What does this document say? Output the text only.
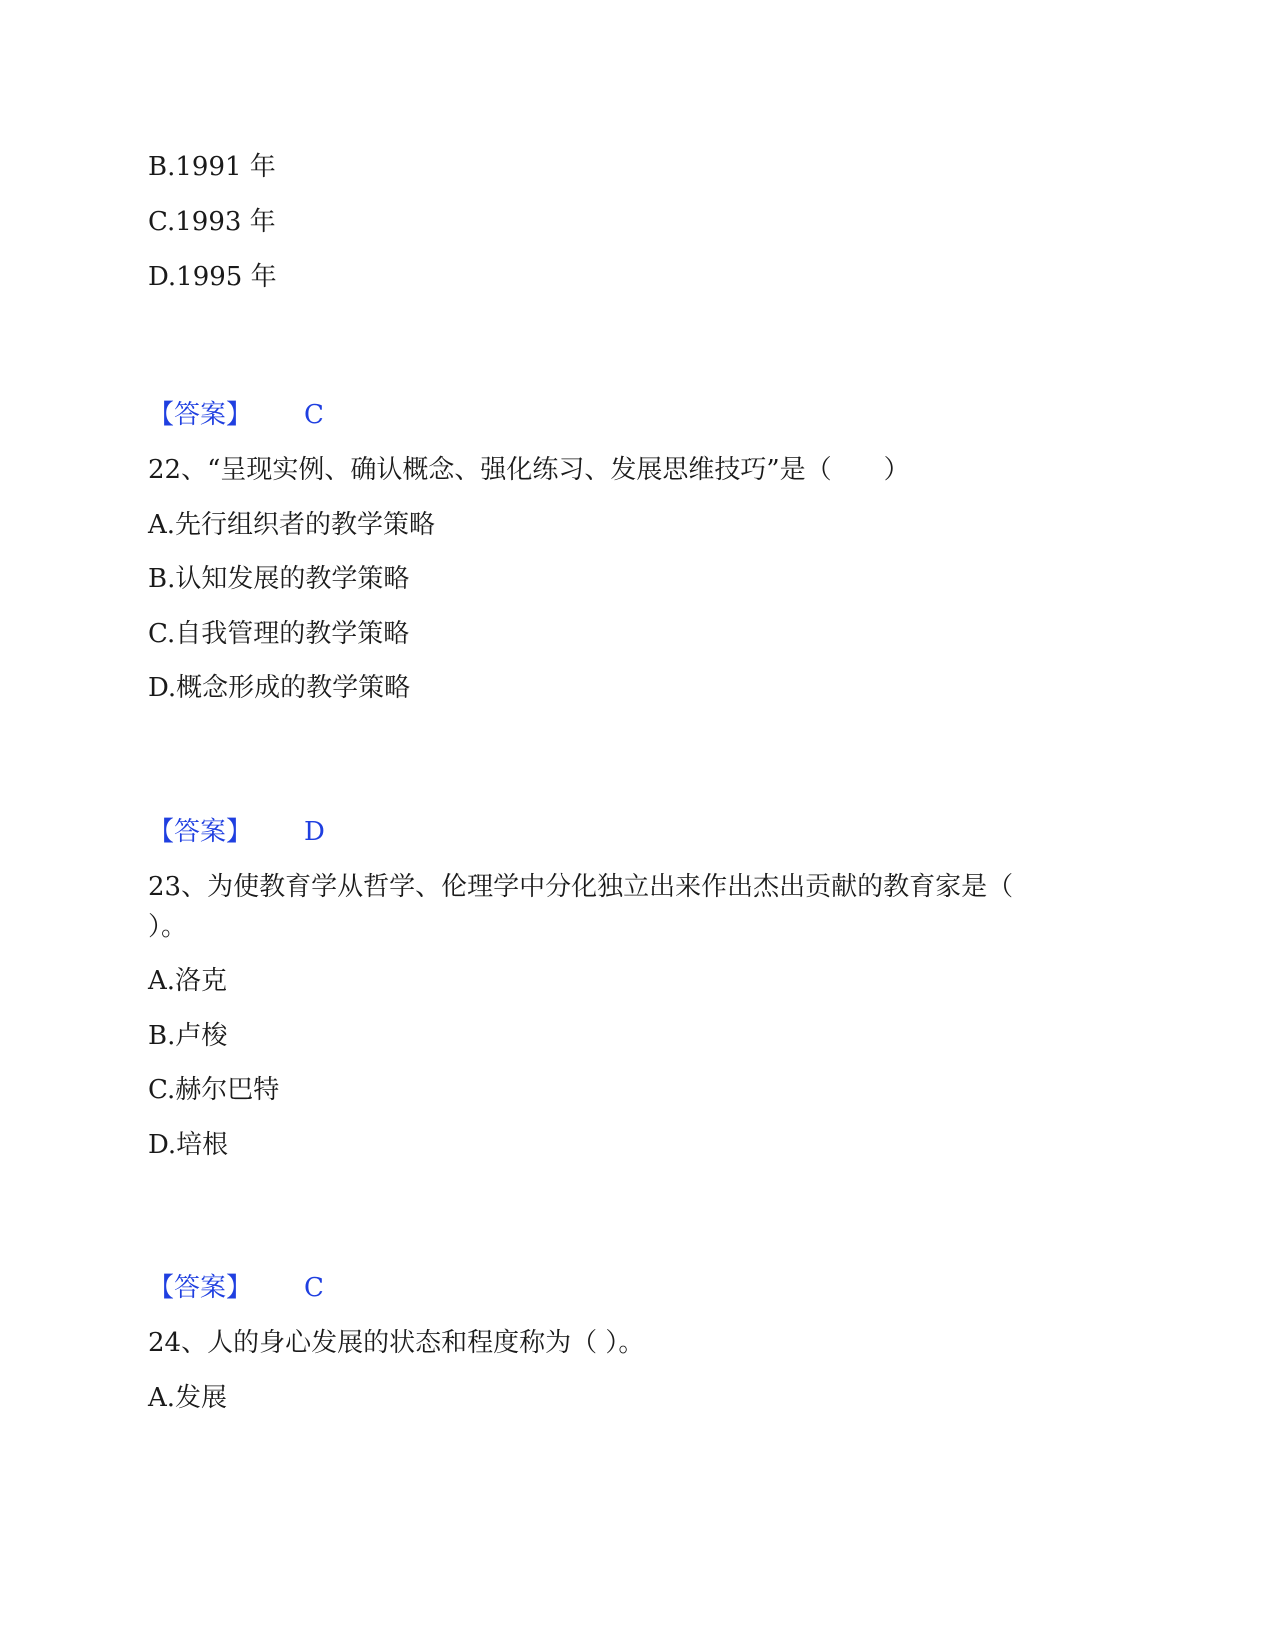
B.1991 年
C.1993 年
D.1995 年
【答案】 C
22、“呈现实例、确认概念、强化练习、发展思维技巧”是（　　）
A.先行组织者的教学策略
B.认知发展的教学策略
C.自我管理的教学策略
D.概念形成的教学策略
【答案】 D
23、为使教育学从哲学、伦理学中分化独立出来作出杰出贡献的教育家是（
）。
A.洛克
B.卢梭
C.赫尔巴特
D.培根
【答案】 C
24、人的身心发展的状态和程度称为（ ）。
A.发展
